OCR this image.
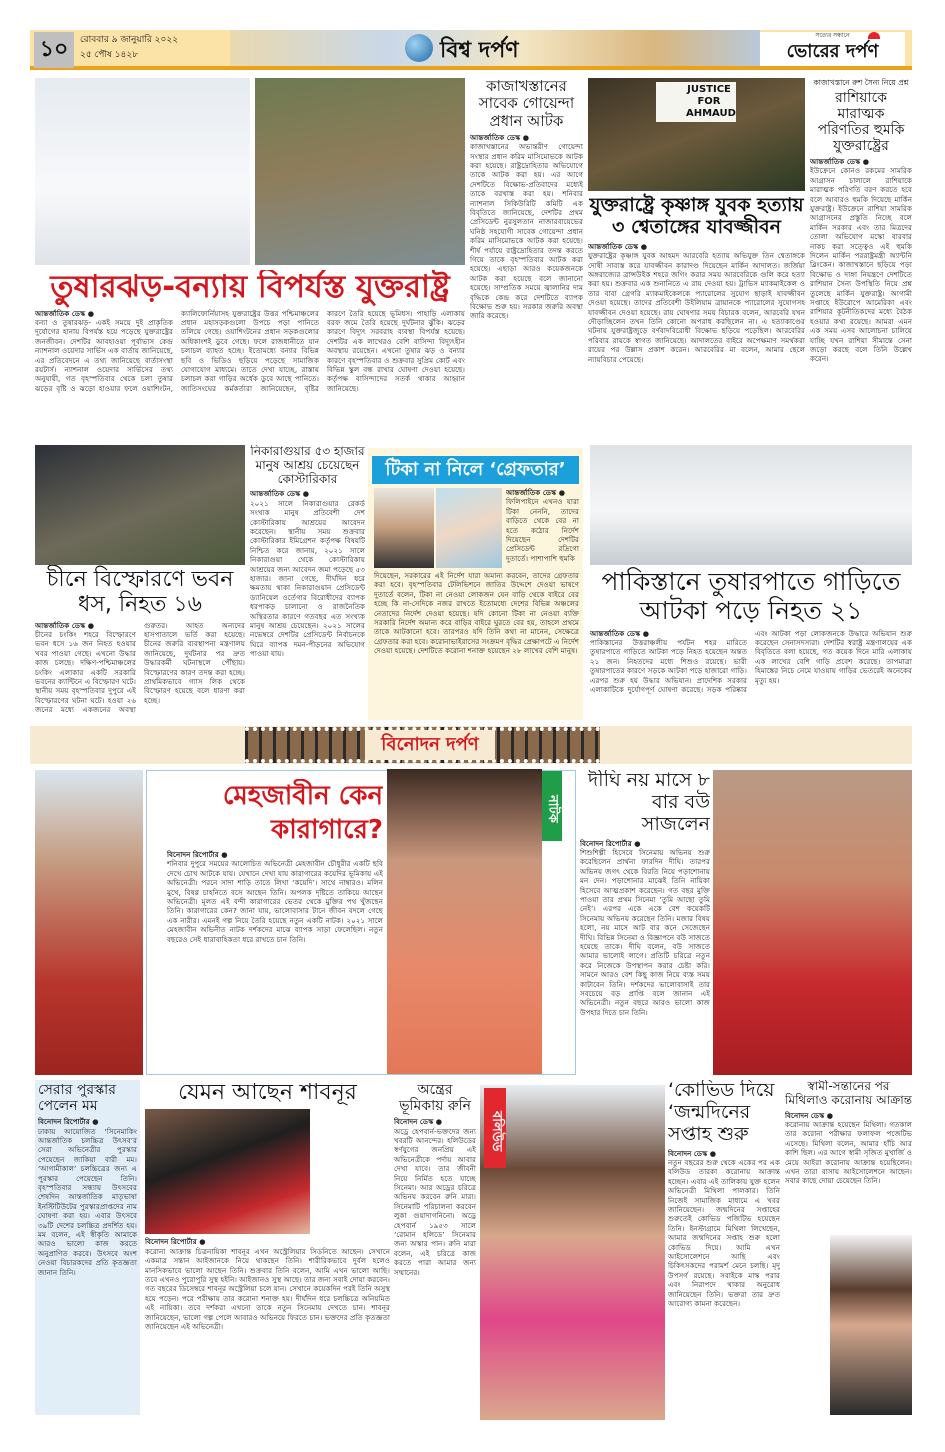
১০	রোববার ৯ জানুয়ারি ২০২২
২৫ পৌষ ১৪২৮	বিশ্ব দর্পণ
সত্যের সন্ধানে
ভোরের দর্পণ
তুষারঝড়-বন্যায় বিপর্যস্ত যুক্তরাষ্ট্র
আন্তর্জাতিক ডেস্ক ●
বন্যা ও তুষারঝড়- একই সময়ে দুই প্রাকৃতিক দুর্যোগের হানায় বিপর্যস্ত হয়ে পড়েছে যুক্তরাষ্ট্রের জনজীবন। দেশটির আবহাওয়া পূর্বাভাস কেন্দ্র ন্যাশনাল ওয়েদার সার্ভিস এক বার্তায় জানিয়েছে, এর প্রতিবেদনে এ তথ্য জানিয়েছে বার্তাসংস্থা রয়টার্স। ন্যাশনাল ওয়েদার সার্ভিসের তথ্য অনুযায়ী, গত বৃহস্পতিবার থেকে চলা তুষার ঝড়ের বৃষ্টি ও ঝড়ো হাওয়ার ফলে ওয়াশিংটন, ক্যালিফোর্নিয়াসহ যুক্তরাষ্ট্রের উত্তর পশ্চিমাঞ্চলের প্রধান মহাসড়কগুলো উপচে পড়া পানিতে তলিয়ে গেছে। ওয়াশিংটনের প্রধান সড়কগুলোর অধিকাংশই ডুবে গেছে। ফলে রাজধানীতে যান চলাচল ব্যাহত হচ্ছে। ইতোমধ্যে বন্যার বিভিন্ন ছবি ও ভিডিও ছড়িয়ে পড়েছে সামাজিক যোগাযোগ মাধ্যমে। তাতে দেখা যাচ্ছে, রাস্তায় চলাচল করা গাড়ির অর্ধেক ডুবে আছে পানিতে। জাতিসংঘের কর্মকর্তারা জানিয়েছেন, বৃষ্টির কারণে তৈরি হয়েছে ভূমিধস। পাহাড়ি এলাকায় বরফ জমে তৈরি হয়েছে দুর্ঘটনার ঝুঁকি। ঝড়ের কারণে বিদ্যুৎ সরবরাহ ব্যবস্থা বিপর্যস্ত হয়েছে। দেশটির এক লাখেরও বেশি বাসিন্দা বিদ্যুৎহীন অবস্থায় রয়েছেন। এখনো তুষার ঝড় ও বন্যার কারণে বৃহস্পতিবার ও শুক্রবার সুপ্রিম কোর্ট এবং বিভিন্ন স্কুল বন্ধ রাখার ঘোষণা দেওয়া হয়েছে। কর্তৃপক্ষ বাসিন্দাদের সতর্ক থাকার আহ্বান জানিয়েছে।
কাজাখস্তানের সাবেক গোয়েন্দা প্রধান আটক
আন্তর্জাতিক ডেস্ক ●
কাজাখস্তানের অভ্যন্তরীণ গোয়েন্দা সংস্থার প্রধান করিম মাসিমোভকে আটক করা হয়েছে। রাষ্ট্রদ্রোহিতার অভিযোগে তাকে আটক করা হয়। এর আগে দেশটিতে বিক্ষোভ-প্রতিবাদের মধ্যেই তাকে বরখাস্ত করা হয়। শনিবার ন্যাশনাল সিকিউরিটি কমিটি এক বিবৃতিতে জানিয়েছে, দেশটির প্রথম প্রেসিডেন্ট নুরসুলতান নাজারবায়েভের ঘনিষ্ঠ সহযোগী সাবেক গোয়েন্দা প্রধান করিম মাসিমোভকে আটক করা হয়েছে। শীর্ষ পর্যায়ে রাষ্ট্রদ্রোহিতার তদন্ত করতে গিয়ে তাকে বৃহস্পতিবার আটক করা হয়েছে। এছাড়া আরও কয়েকজনকে আটক করা হয়েছে বলে জানানো হয়েছে। সাম্প্রতিক সময়ে জ্বালানির দাম বৃদ্ধিকে কেন্দ্র করে দেশটিতে ব্যাপক বিক্ষোভ শুরু হয়। সরকার জরুরি অবস্থা জারি করেছে।
JUSTICE FOR AHMAUD
যুক্তরাষ্ট্রে কৃষ্ণাঙ্গ যুবক হত্যায় ৩ শ্বেতাঙ্গের যাবজ্জীবন
আন্তর্জাতিক ডেস্ক ●
যুক্তরাষ্ট্রের কৃষ্ণাঙ্গ যুবক আহমদ আরবেরি হত্যায় অভিযুক্ত তিন শ্বেতাঙ্গকে দোষী সাব্যস্ত করে যাবজ্জীবন কারাদণ্ড দিয়েছেন মার্কিন আদালত। জর্জিয়া অঙ্গরাজ্যের ব্রান্সউইক শহরে জগিং করার সময় আরবেরিকে গুলি করে হত্যা করা হয়। শুক্রবার এক শুনানিতে এ রায় দেওয়া হয়। ট্রাভিস ম্যাকমাইকেল ও তার বাবা গ্রেগরি ম্যাকমাইকেলকে প্যারোলের সুযোগ ছাড়াই যাবজ্জীবন দেওয়া হয়েছে। তাদের প্রতিবেশী উইলিয়াম ব্রায়ানকে প্যারোলের সুযোগসহ যাবজ্জীবন দেওয়া হয়েছে। রায় ঘোষণার সময় বিচারক বলেন, আরবেরি যখন দৌড়াচ্ছিলেন তখন তিনি কোনো অপরাধ করছিলেন না। এ হত্যাকাণ্ডের ঘটনায় যুক্তরাষ্ট্রজুড়ে বর্ণবাদবিরোধী বিক্ষোভ ছড়িয়ে পড়েছিল। আরবেরির পরিবার রায়কে স্বাগত জানিয়েছে। আদালতের বাইরে অপেক্ষমাণ সমর্থকরা রায়ের পর উল্লাস প্রকাশ করেন। আরবেরির মা বলেন, আমার ছেলে ন্যায়বিচার পেয়েছে।
কাজাখস্তানে রুশ সৈন্য নিয়ে প্রশ্ন
রাশিয়াকে মারাত্মক পরিণতির হুমকি যুক্তরাষ্ট্রের
আন্তর্জাতিক ডেস্ক ●
ইউক্রেনে কোনও রকমের সামরিক আগ্রাসন চালালে রাশিয়াকে মারাত্মক পরিণতি বরণ করতে হবে বলে আবারও হুমকি দিয়েছে মার্কিন যুক্তরাষ্ট্র। ইউক্রেনে রাশিয়া সামরিক আগ্রাসনের প্রস্তুতি নিচ্ছে বলে মার্কিন সরকার এবং তার মিত্রদের তোলা অভিযোগ মস্কো বারবার নাকচ করা সত্ত্বেও এই হুমকি দিলেন মার্কিন পররাষ্ট্রমন্ত্রী অ্যান্টনি ব্লিংকেন। কাজাখস্তানে ছড়িয়ে পড়া বিক্ষোভ ও দাঙ্গা নিয়ন্ত্রণে দেশটিতে রাশিয়ান সৈন্য উপস্থিতি নিয়ে প্রশ্ন তুলেছে মার্কিন যুক্তরাষ্ট্র। আগামী সপ্তাহে ইউরোপে আমেরিকা এবং রাশিয়ার কূটনীতিকদের মধ্যে বৈঠক হওয়ার কথা রয়েছে। আমরা এমন এক সময় এসব আলোচনা চালিয়ে যাচ্ছি যখন রাশিয়া সীমান্তে সেনা জড়ো করছে বলে তিনি উল্লেখ করেন।
চীনে বিস্ফোরণে ভবন ধস, নিহত ১৬
আন্তর্জাতিক ডেস্ক ●
চীনের চংকিং শহরে বিস্ফোরণে ভবন ধসে ১৬ জন নিহত হওয়ার খবর পাওয়া গেছে। এখনো উদ্ধার কাজ চলছে। দক্ষিণ-পশ্চিমাঞ্চলের চংকিং এলাকার একটি সরকারি ভবনের ক্যান্টিনে এ বিস্ফোরণ ঘটে। স্থানীয় সময় বৃহস্পতিবার দুপুরে এই বিস্ফোরণের ঘটনা ঘটে। হওয়া ২৬ জনের মধ্যে একজনের অবস্থা গুরুতর। আহত অন্যদের হাসপাতালে ভর্তি করা হয়েছে। চীনের জরুরি ব্যবস্থাপনা মন্ত্রণালয় জানিয়েছে, দুর্ঘটনার পর দ্রুত উদ্ধারকর্মী ঘটনাস্থলে পৌঁছায়। বিস্ফোরণের কারণ তদন্ত করা হচ্ছে। প্রাথমিকভাবে গ্যাস লিক থেকে বিস্ফোরণ হয়েছে বলে ধারণা করা হচ্ছে।
নিকারাগুয়ার ৫৩ হাজার মানুষ আশ্রয় চেয়েছেন কোস্টারিকার
আন্তর্জাতিক ডেস্ক ●
২০২১ সালে নিকারাগুয়ার রেকর্ড সংখ্যক মানুষ প্রতিবেশী দেশ কোস্টারিকায় আশ্রয়ের আবেদন করেছেন। স্থানীয় সময় শুক্রবার কোস্টারিকার ইমিগ্রেশন কর্তৃপক্ষ বিষয়টি নিশ্চিত করে জানায়, ২০২১ সালে নিকারাগুয়া থেকে কোস্টারিকায় আশ্রয়ের জন্য আবেদন জমা পড়েছে ৫৩ হাজার। জানা গেছে, দীর্ঘদিন ধরে ক্ষমতায় থাকা নিকারাগুয়ান প্রেসিডেন্ট ড্যানিয়েল ওর্তেগার বিরোধীদের ব্যাপক ধরপাকড় চালানো ও রাজনৈতিক অস্থিরতার কারণে গতবছর এত সংখ্যক মানুষ আশ্রয় চেয়েছেন। ২০২১ সালের নভেম্বরে দেশটির প্রেসিডেন্ট নির্বাচনকে ঘিরে ব্যাপক দমন-পীড়নের অভিযোগ পাওয়া যায়।
টিকা না নিলে ‘গ্রেফতার’
আন্তর্জাতিক ডেস্ক ●
ফিলিপাইনে এখনও যারা টিকা নেননি, তাদের বাড়িতে থেকে বের না হতে কঠোর নির্দেশ দিয়েছেন দেশটির প্রেসিডেন্ট রদ্রিগো দুতার্তে। পাশাপাশি হুমকি
দিয়েছেন, সরকারের এই নির্দেশ যারা অমান্য করবেন, তাদের গ্রেফতার করা হবে। বৃহস্পতিবার টেলিভিশনে জাতির উদ্দেশে দেওয়া ভাষণে দুতার্তে বলেন, টিকা না নেওয়া লোকজন যেন বাড়ি থেকে বাইরে বের হচ্ছে কি না-সেদিকে নজর রাখতে ইতোমধ্যে দেশের বিভিন্ন অঞ্চলের নেতাদের নির্দেশ দেওয়া হয়েছে। যদি কোনো টিকা না নেওয়া ব্যক্তি সরকারি নির্দেশ অমান্য করে বাড়ির বাইরে ঘুরতে বের হয়, তাহলে প্রথমে তাকে আটকানো হবে। তারপরও যদি তিনি কথা না মানেন, সেক্ষেত্রে গ্রেফতার করা হবে। করোনাভাইরাসের সংক্রমণ বৃদ্ধির প্রেক্ষাপটে এ নির্দেশ দেওয়া হয়েছে। দেশটিতে করোনা শনাক্ত হয়েছেন ২৮ লাখের বেশি মানুষ।
পাকিস্তানে তুষারপাতে গাড়িতে আটকা পড়ে নিহত ২১
আন্তর্জাতিক ডেস্ক ●
পাকিস্তানের উত্তরাঞ্চলীয় পর্যটন শহর মারিতে তুষারপাতে গাড়িতে আটকা পড়ে নিহত হয়েছেন অন্তত ২১ জন। নিহতদের মধ্যে শিশুও রয়েছে। ভারী তুষারপাতের কারণে সড়কে আটকা পড়ে হাজারো গাড়ি। এরপর শুরু হয় উদ্ধার অভিযান। প্রাদেশিক সরকার এলাকাটিকে দুর্যোগপূর্ণ ঘোষণা করেছে। সড়ক পরিষ্কার এবং আটকা পড়া লোকজনকে উদ্ধারে অভিযান শুরু করেছেন সেনাসদস্যরা। দেশটির স্বরাষ্ট্র মন্ত্রণালয়ের এক বিবৃতিতে বলা হয়েছে, গত কয়েক দিনে মারি এলাকায় এক লাখের বেশি গাড়ি প্রবেশ করেছে। তাপমাত্রা হিমাঙ্কের নিচে নেমে যাওয়ায় গাড়ির ভেতরেই অনেকের মৃত্যু হয়।
বিনোদন দর্পণ
মেহজাবীন কেন কারাগারে?
বিনোদন রিপোর্টার ●
শনিবার দুপুরে সময়ের আলোচিত অভিনেত্রী মেহজাবীন চৌধুরীর একটি ছবি দেখে চোখ আটকে যায়। যেখানে দেখা যায় কারাগারের কয়েদির ভূমিকায় এই অভিনেত্রী। পরনে সাদা শাড়ি তাতে লিখা ‘কয়েদি’। সাথে নাম্বারও। মলিন মুখে, বিষণ্ণ চাহনিতে বসে আছেন তিনি। অপলক দৃষ্টিতে তাকিয়ে আছেন অভিনেত্রী। মূলত এই বন্দী কারাগারের ভেতর থেকে মুক্তির পথ খুঁজছেন তিনি। কারাগারের কেন? জানা যায়, ভালোবাসার টানে জীবন বদলে গেছে এক নারীর। এমনই গল্প নিয়ে তৈরি হয়েছে নতুন একটি নাটক। ২০২১ সালে মেহজাবীন অভিনীত নাটক দর্শকদের মাঝে ব্যাপক সাড়া ফেলেছিল। নতুন বছরেও সেই ধারাবাহিকতা ধরে রাখতে চান তিনি।
নাটক
দীঘি নয় মাসে ৮ বার বউ সাজলেন
বিনোদন রিপোর্টার ●
শিশুশিল্পী হিসেবে সিনেমায় অভিনয় শুরু করেছিলেন প্রার্থনা ফারদিন দীঘি। তারপর অভিনয় জগৎ থেকে বিরতি নিয়ে পড়াশোনায় মন দেন। পড়াশোনার মাঝেই তিনি নায়িকা হিসেবে আত্মপ্রকাশ করেছেন। গত বছর মুক্তি পাওয়া তার প্রথম সিনেমা ‘তুমি আছো তুমি নেই’। এরপর একে একে বেশ কয়েকটি সিনেমায় অভিনয় করেছেন তিনি। মজার বিষয় হলো, নয় মাসে আট বার কনে সেজেছেন দীঘি। বিভিন্ন সিনেমা ও বিজ্ঞাপনে বউ সাজতে হয়েছে তাকে। দীঘি বলেন, বউ সাজতে আমার ভালোই লাগে। প্রতিটি চরিত্রে নতুন করে নিজেকে উপস্থাপন করার চেষ্টা করি। সামনে আরও বেশ কিছু কাজ নিয়ে ব্যস্ত সময় কাটাবেন তিনি। দর্শকদের ভালোবাসাই তার সবচেয়ে বড় প্রাপ্তি বলে জানান এই অভিনেত্রী। নতুন বছরে আরও ভালো কাজ উপহার দিতে চান তিনি।
সেরার পুরস্কার পেলেন মম
বিনোদন রিপোর্টার ●
ঢাকায় আয়োজিত ‘সিনেমাকিং আন্তর্জাতিক চলচ্চিত্র উৎসব’র সেরা অভিনেত্রীর পুরস্কার পেয়েছেন জাকিয়া বারী মম। ‘আগামীকাল’ চলচ্চিত্রের জন্য এ পুরস্কার পেয়েছেন তিনি। বৃহস্পতিবার সন্ধ্যায় উৎসবের শেষদিন আন্তর্জাতিক মাতৃভাষা ইনস্টিটিউটের পুরস্কারপ্রাপ্তদের নাম ঘোষণা করা হয়। এবার উৎসবে ৩৯টি দেশের চলচ্চিত্র প্রদর্শিত হয়। মম বলেন, এই স্বীকৃতি আমাকে আরও ভালো কাজ করতে অনুপ্রাণিত করবে। উৎসবে অংশ নেওয়া বিচারকদের প্রতি কৃতজ্ঞতা জানান তিনি।
যেমন আছেন শাবনূর
বিনোদন রিপোর্টার ●
করোনা আক্রান্ত চিত্রনায়িকা শাবনূর এখন অস্ট্রেলিয়ার সিডনিতে আছেন। সেখানে একমাত্র সন্তান আইজানকে নিয়ে থাকছেন তিনি। শারীরিকভাবে দুর্বল হলেও মানসিকভাবে ভালো আছেন তিনি। শুক্রবার তিনি বলেন, আমি এখন ভালো আছি। তবে এখনও পুরোপুরি সুস্থ হইনি। আইজানও সুস্থ আছে। তার জন্য সবাই দোয়া করবেন। গত বছরের ডিসেম্বরে শাবনূর অস্ট্রেলিয়া চলে যান। সেখানে কয়েকদিন পরই তিনি অসুস্থ হয়ে পড়েন। পরে পরীক্ষায় তার করোনা শনাক্ত হয়। দীর্ঘদিন ধরে চলচ্চিত্রে অনিয়মিত এই নায়িকা। তবে দর্শকরা এখনো তাকে নতুন সিনেমায় দেখতে চান। শাবনূর জানিয়েছেন, ভালো গল্প পেলে আবারও অভিনয়ে ফিরতে চান। ভক্তদের প্রতি কৃতজ্ঞতা জানিয়েছেন এই অভিনেত্রী।
অন্ত্রের ভূমিকায় রুনি
বিনোদন ডেস্ক ●
অড্রে হেপবার্ন-ভক্তদের জন্য খবরটি আনন্দের। হলিউডের স্বর্ণযুগের জনপ্রিয় এই অভিনেত্রীকে পর্দায় আবার দেখা যাবে। তার জীবনী নিয়ে নির্মিত হতে যাচ্ছে সিনেমা। আর অড্রের চরিত্রে অভিনয় করবেন রুনি মারা। সিনেমাটি পরিচালনা করবেন লুকা গুয়াদাগনিনো। অড্রে হেপবার্ন ১৯৫৩ সালে ‘রোমান হলিডে’ সিনেমার জন্য অস্কার পান। রুনি মারা বলেন, এই চরিত্রে কাজ করতে পারা আমার জন্য সম্মানের।
বলিউড
‘কোভিড দিয়ে ‘জন্মদিনের সপ্তাহ শুরু
বিনোদন ডেস্ক ●
নতুন বছরের শুরু থেকে একের পর এক বলিউড তারকা করোনায় আক্রান্ত হচ্ছেন। এবার এই তালিকায় যুক্ত হলেন অভিনেত্রী মিথিলা পালকার। তিনি নিজেই সামাজিক মাধ্যমে এ খবর জানিয়েছেন। জন্মদিনের সপ্তাহের শুরুতেই কোভিড পজিটিভ হয়েছেন তিনি। ইনস্টাগ্রামে মিথিলা লিখেছেন, আমার জন্মদিনের সপ্তাহ শুরু হলো কোভিড দিয়ে। আমি এখন আইসোলেশনে আছি এবং চিকিৎসকদের পরামর্শ মেনে চলছি। মৃদু উপসর্গ রয়েছে। সবাইকে মাস্ক পরার এবং নিরাপদে থাকার অনুরোধ জানিয়েছেন তিনি। ভক্তরা তার দ্রুত আরোগ্য কামনা করেছেন।
স্বামী-সন্তানের পর মিথিলাও করোনায় আক্রান্ত
বিনোদন ডেস্ক ●
করোনায় আক্রান্ত হয়েছেন মিথিলা। গতকাল তার করোনা পরীক্ষার ফলাফল পজেটিভ এসেছে। মিথিলা বলেন, আমার হাঁচি আর কাশি ছিল। এর আগে স্বামী সৃজিত মুখার্জি ও মেয়ে আইরা করোনায় আক্রান্ত হয়েছিলেন। এখন তারা বাসায় আইসোলেশনে আছেন। সবার কাছে দোয়া চেয়েছেন তিনি।
